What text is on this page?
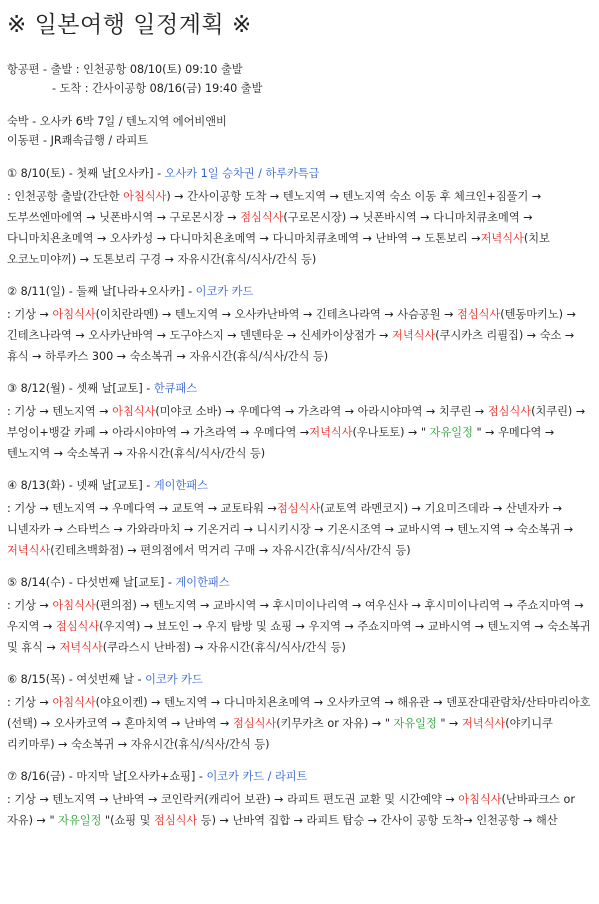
※ 일본여행 일정계획 ※
항공편 - 출발 : 인천공항 08/10(토) 09:10 출발
- 도착 : 간사이공항 08/16(금) 19:40 출발
숙박 - 오사카 6박 7일 / 텐노지역 에어비앤비
이동편 - JR쾌속급행 / 라피트
① 8/10(토) - 첫째 날[오사카] - 오사카 1일 승차권 / 하루카특급
: 인천공항 출발(간단한 아침식사) → 간사이공항 도착 → 텐노지역 → 텐노지역 숙소 이동 후 체크인+짐풀기 → 도부쓰엔마에역 → 닛폰바시역 → 구로몬시장 → 점심식사(구로몬시장) → 닛폰바시역 → 다니마치큐초메역 → 다니마치욘초메역 → 오사카성 → 다니마치욘초메역 → 다니마치큐초메역 → 난바역 → 도톤보리 →저녁식사(치보 오코노미야끼) → 도톤보리 구경 → 자유시간(휴식/식사/간식 등)
② 8/11(일) - 둘째 날[나라+오사카] - 이코카 카드
: 기상 → 아침식사(이치란라멘) → 텐노지역 → 오사카난바역 → 긴테츠나라역 → 사슴공원 → 점심식사(텐동마키노) → 긴테츠나라역 → 오사카난바역 → 도구야스지 → 덴덴타운 → 신세카이상점가 → 저녁식사(쿠시카츠 리필집) → 숙소 → 휴식 → 하루카스 300 → 숙소복귀 → 자유시간(휴식/식사/간식 등)
③ 8/12(월) - 셋째 날[교토] - 한큐패스
: 기상 → 텐노지역 → 아침식사(미야코 소바) → 우메다역 → 가츠라역 → 아라시야마역 → 치쿠린 → 점심식사(치쿠린) → 부엉이+뱅갈 카페 → 아라시야마역 → 가츠라역 → 우메다역 →저녁식사(우나토토) → " 자유일정 " → 우메다역 → 텐노지역 → 숙소복귀 → 자유시간(휴식/식사/간식 등)
④ 8/13(화) - 넷째 날[교토] - 게이한패스
: 기상 → 텐노지역 → 우메다역 → 교토역 → 교토타워 →점심식사(교토역 라멘코지) → 기요미즈데라 → 산넨자카 → 니넨자카 → 스타벅스 → 가와라마치 → 기온거리 → 니시키시장 → 기온시조역 → 교바시역 → 텐노지역 → 숙소복귀 → 저녁식사(킨테츠백화점) → 편의점에서 먹거리 구매 → 자유시간(휴식/식사/간식 등)
⑤ 8/14(수) - 다섯번째 날[교토] - 게이한패스
: 기상 → 아침식사(편의점) → 텐노지역 → 교바시역 → 후시미이나리역 → 여우신사 → 후시미이나리역 → 주쇼지마역 → 우지역 → 점심식사(우지역) → 뵤도인 → 우지 탐방 및 쇼핑 → 우지역 → 주쇼지마역 → 교바시역 → 텐노지역 → 숙소복귀 및 휴식 → 저녁식사(쿠라스시 난바점) → 자유시간(휴식/식사/간식 등)
⑥ 8/15(목) - 여섯번째 날 - 이코카 카드
: 기상 → 아침식사(야요이켄) → 텐노지역 → 다니마치욘초메역 → 오사카코역 → 해유관 → 덴포잔대관람차/산타마리아호(선택) → 오사카코역 → 혼마치역 → 난바역 → 점심식사(키무카츠 or 자유) → " 자유일정 " → 저녁식사(야키니쿠 리키마루) → 숙소복귀 → 자유시간(휴식/식사/간식 등)
⑦ 8/16(금) - 마지막 날[오사카+쇼핑] - 이코카 카드 / 라피트
: 기상 → 텐노지역 → 난바역 → 코인락커(캐리어 보관) → 라피트 편도권 교환 및 시간예약 → 아침식사(난바파크스 or 자유) → " 자유일정 "(쇼핑 및 점심식사 등) → 난바역 집합 → 라피트 탑승 → 간사이 공항 도착→ 인천공항 → 해산
